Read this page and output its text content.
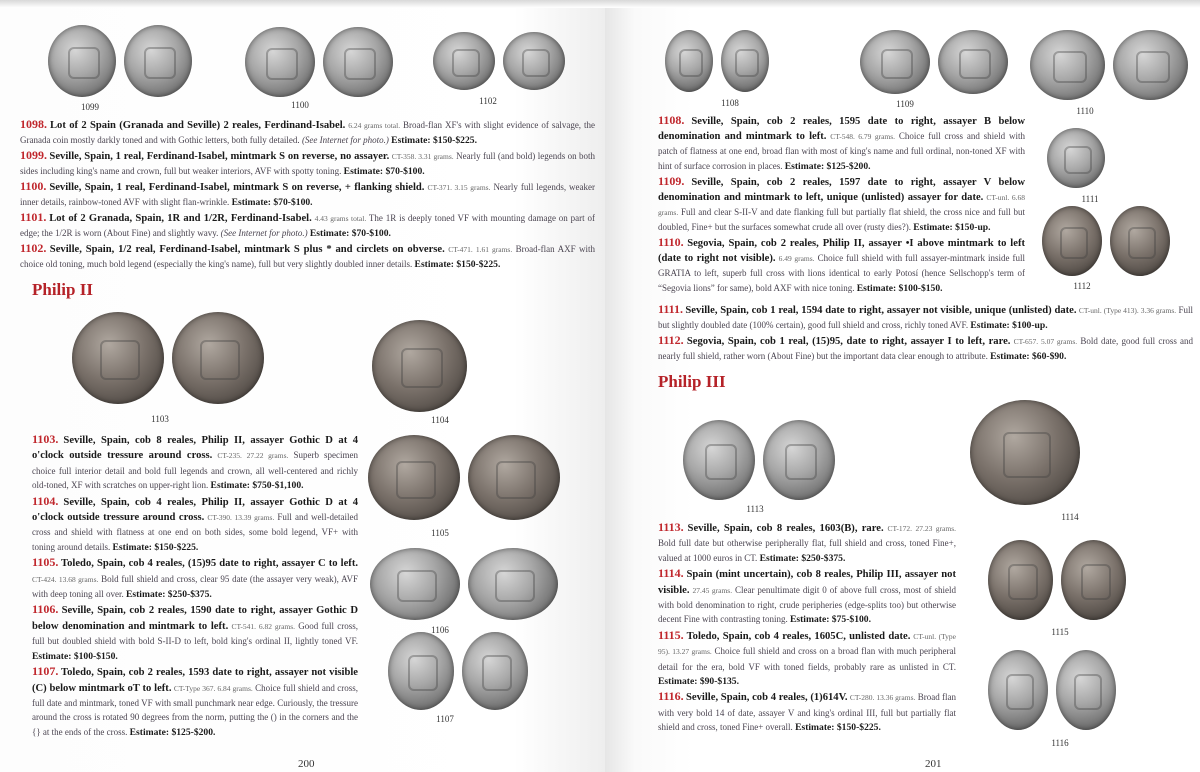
1098. Lot of 2 Spain (Granada and Seville) 2 reales, Ferdinand-Isabel. 6.24 grams total. Broad-flan XF's with slight evidence of salvage, the Granada coin mostly darkly toned and with Gothic letters, both fully detailed. (See Internet for photo.) Estimate: $150-$225.

1099. Seville, Spain, 1 real, Ferdinand-Isabel, mintmark S on reverse, no assayer. CT-358. 3.31 grams. Nearly full (and bold) legends on both sides including king's name and crown, full but weaker interiors, AVF with spotty toning. Estimate: $70-$100.

1100. Seville, Spain, 1 real, Ferdinand-Isabel, mintmark S on reverse, + flanking shield. CT-371. 3.15 grams. Nearly full legends, weaker inner details, rainbow-toned AVF with slight flan-wrinkle. Estimate: $70-$100.

1101. Lot of 2 Granada, Spain, 1R and 1/2R, Ferdinand-Isabel. 4.43 grams total. The 1R is deeply toned VF with mounting damage on part of edge; the 1/2R is worn (About Fine) and slightly wavy. (See Internet for photo.) Estimate: $70-$100.

1102. Seville, Spain, 1/2 real, Ferdinand-Isabel, mintmark S plus * and circlets on obverse. CT-471. 1.61 grams. Broad-flan AXF with choice old toning, much bold legend (especially the king's name), full but very slightly doubled inner details. Estimate: $150-$225.

Philip II

1103. Seville, Spain, cob 8 reales, Philip II, assayer Gothic D at 4 o'clock outside tressure around cross. CT-235. 27.22 grams. Superb specimen choice full interior detail and bold full legends and crown, all well-centered and richly old-toned, XF with scratches on upper-right lion. Estimate: $750-$1,100.

1104. Seville, Spain, cob 4 reales, Philip II, assayer Gothic D at 4 o'clock outside tressure around cross. CT-390. 13.39 grams. Full and well-detailed cross and shield with flatness at one end on both sides, some bold legend, VF+ with toning around details. Estimate: $150-$225.

1105. Toledo, Spain, cob 4 reales, (15)95 date to right, assayer C to left. CT-424. 13.68 grams. Bold full shield and cross, clear 95 date (the assayer very weak), AVF with deep toning all over. Estimate: $250-$375.

1106. Seville, Spain, cob 2 reales, 1590 date to right, assayer Gothic D below denomination and mintmark to left. CT-541. 6.82 grams. Good full cross, full but doubled shield with bold S-II-D to left, bold king's ordinal II, lightly toned VF. Estimate: $100-$150.

1107. Toledo, Spain, cob 2 reales, 1593 date to right, assayer not visible (C) below mintmark oT to left. CT-Type 367. 6.84 grams. Choice full shield and cross, full date and mintmark, toned VF with small punchmark near edge. Curiously, the tressure around the cross is rotated 90 degrees from the norm, putting the () in the corners and the {} at the ends of the cross. Estimate: $125-$200.

200
1099	1100	1102
1103	1104
1105
1106
1107

1108. Seville, Spain, cob 2 reales, 1595 date to right, assayer B below denomination and mintmark to left. CT-548. 6.79 grams. Choice full cross and shield with patch of flatness at one end, broad flan with most of king's name and full ordinal, non-toned XF with hint of surface corrosion in places. Estimate: $125-$200.

1109. Seville, Spain, cob 2 reales, 1597 date to right, assayer V below denomination and mintmark to left, unique (unlisted) assayer for date. CT-unl. 6.68 grams. Full and clear S-II-V and date flanking full but partially flat shield, the cross nice and full but doubled, Fine+ but the surfaces somewhat crude all over (rusty dies?). Estimate: $150-up.

1110. Segovia, Spain, cob 2 reales, Philip II, assayer •I above mintmark to left (date to right not visible). 6.49 grams. Choice full shield with full assayer-mintmark inside full GRATIA to left, superb full cross with lions identical to early Potosí (hence Sellschopp's term of “Segovia lions” for same), bold AXF with nice toning. Estimate: $100-$150.

1111. Seville, Spain, cob 1 real, 1594 date to right, assayer not visible, unique (unlisted) date. CT-unl. (Type 413). 3.36 grams. Full but slightly doubled date (100% certain), good full shield and cross, richly toned AVF. Estimate: $100-up.

1112. Segovia, Spain, cob 1 real, (15)95, date to right, assayer I to left, rare. CT-657. 5.07 grams. Bold date, good full cross and nearly full shield, rather worn (About Fine) but the important data clear enough to attribute. Estimate: $60-$90.

Philip III

1113. Seville, Spain, cob 8 reales, 1603(B), rare. CT-172. 27.23 grams. Bold full date but otherwise peripherally flat, full shield and cross, toned Fine+, valued at 1000 euros in CT. Estimate: $250-$375.

1114. Spain (mint uncertain), cob 8 reales, Philip III, assayer not visible. 27.45 grams. Clear penultimate digit 0 of above full cross, most of shield with bold denomination to right, crude peripheries (edge-splits too) but otherwise decent Fine with contrasting toning. Estimate: $75-$100.

1115. Toledo, Spain, cob 4 reales, 1605C, unlisted date. CT-unl. (Type 95). 13.27 grams. Choice full shield and cross on a broad flan with much peripheral detail for the era, bold VF with toned fields, probably rare as unlisted in CT. Estimate: $90-$135.

1116. Seville, Spain, cob 4 reales, (1)614V. CT-280. 13.36 grams. Broad flan with very bold 14 of date, assayer V and king's ordinal III, full but partially flat shield and cross, toned Fine+ overall. Estimate: $150-$225.

201
1108	1109
1110
1111
1112
1113
1114
1115
1116
